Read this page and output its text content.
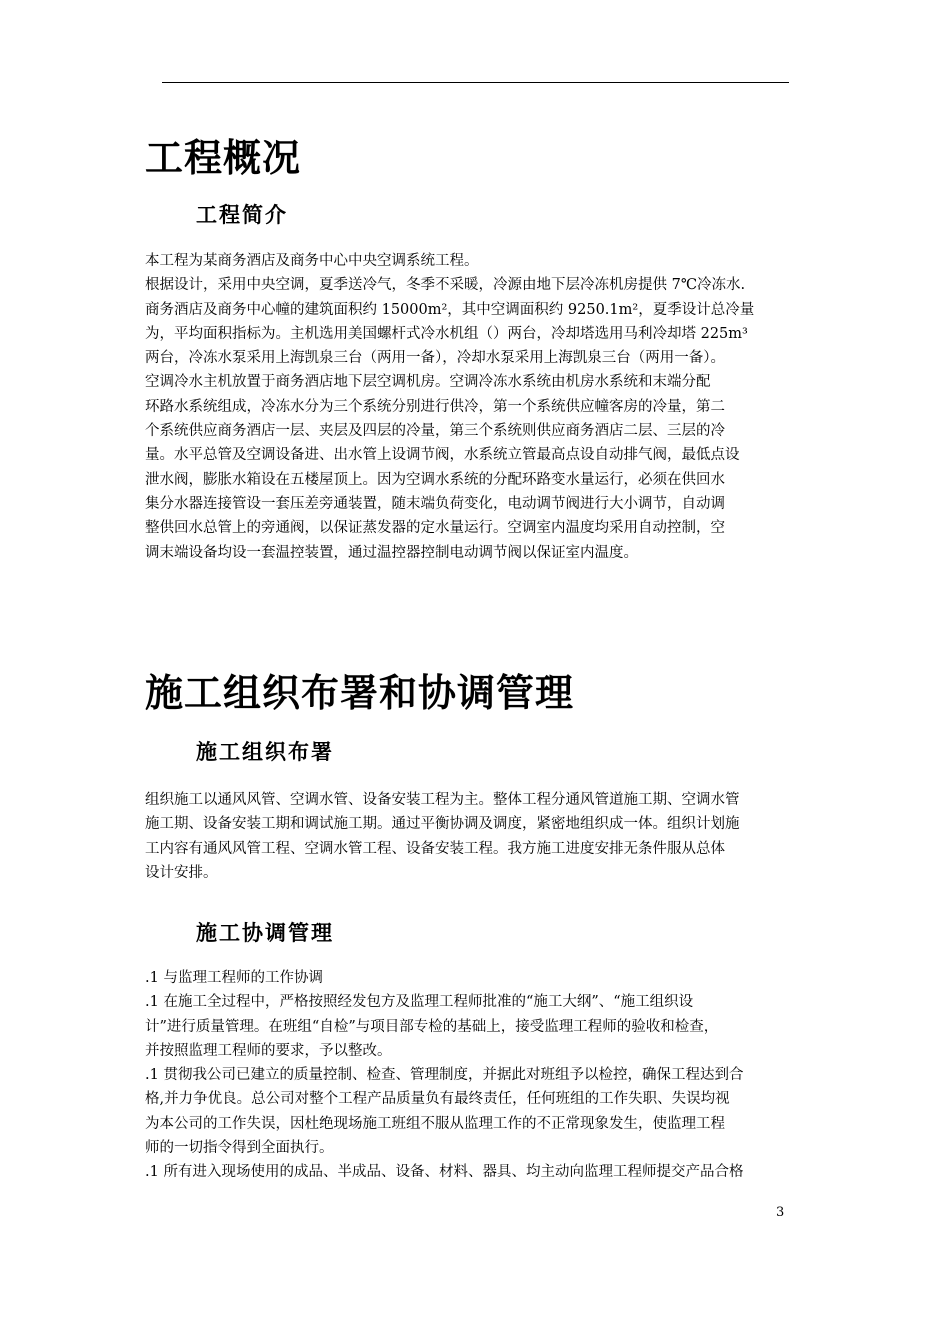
工程概况
工程简介
本工程为某商务酒店及商务中心中央空调系统工程。
根据设计，采用中央空调，夏季送冷气，冬季不采暖，冷源由地下层冷冻机房提供 7℃冷冻水.
商务酒店及商务中心幢的建筑面积约 15000m²，其中空调面积约 9250.1m²，夏季设计总冷量
为，平均面积指标为。主机选用美国螺杆式冷水机组（）两台，冷却塔选用马利冷却塔 225m³
两台，冷冻水泵采用上海凯泉三台（两用一备），冷却水泵采用上海凯泉三台（两用一备）。
空调冷水主机放置于商务酒店地下层空调机房。空调冷冻水系统由机房水系统和末端分配
环路水系统组成，冷冻水分为三个系统分别进行供冷，第一个系统供应幢客房的冷量，第二
个系统供应商务酒店一层、夹层及四层的冷量，第三个系统则供应商务酒店二层、三层的冷
量。水平总管及空调设备进、出水管上设调节阀，水系统立管最高点设自动排气阀，最低点设
泄水阀，膨胀水箱设在五楼屋顶上。因为空调水系统的分配环路变水量运行，必须在供回水
集分水器连接管设一套压差旁通装置，随末端负荷变化，电动调节阀进行大小调节，自动调
整供回水总管上的旁通阀，以保证蒸发器的定水量运行。空调室内温度均采用自动控制，空
调末端设备均设一套温控装置，通过温控器控制电动调节阀以保证室内温度。
施工组织布署和协调管理
施工组织布署
组织施工以通风风管、空调水管、设备安装工程为主。整体工程分通风管道施工期、空调水管
施工期、设备安装工期和调试施工期。通过平衡协调及调度，紧密地组织成一体。组织计划施
工内容有通风风管工程、空调水管工程、设备安装工程。我方施工进度安排无条件服从总体
设计安排。
施工协调管理
.1 与监理工程师的工作协调
.1 在施工全过程中，严格按照经发包方及监理工程师批准的“施工大纲”、“施工组织设
计”进行质量管理。在班组“自检”与项目部专检的基础上，接受监理工程师的验收和检查，
并按照监理工程师的要求，予以整改。
.1 贯彻我公司已建立的质量控制、检查、管理制度，并据此对班组予以检控，确保工程达到合
格,并力争优良。总公司对整个工程产品质量负有最终责任，任何班组的工作失职、失误均视
为本公司的工作失误，因杜绝现场施工班组不服从监理工作的不正常现象发生，使监理工程
师的一切指令得到全面执行。
.1 所有进入现场使用的成品、半成品、设备、材料、器具、均主动向监理工程师提交产品合格
3
